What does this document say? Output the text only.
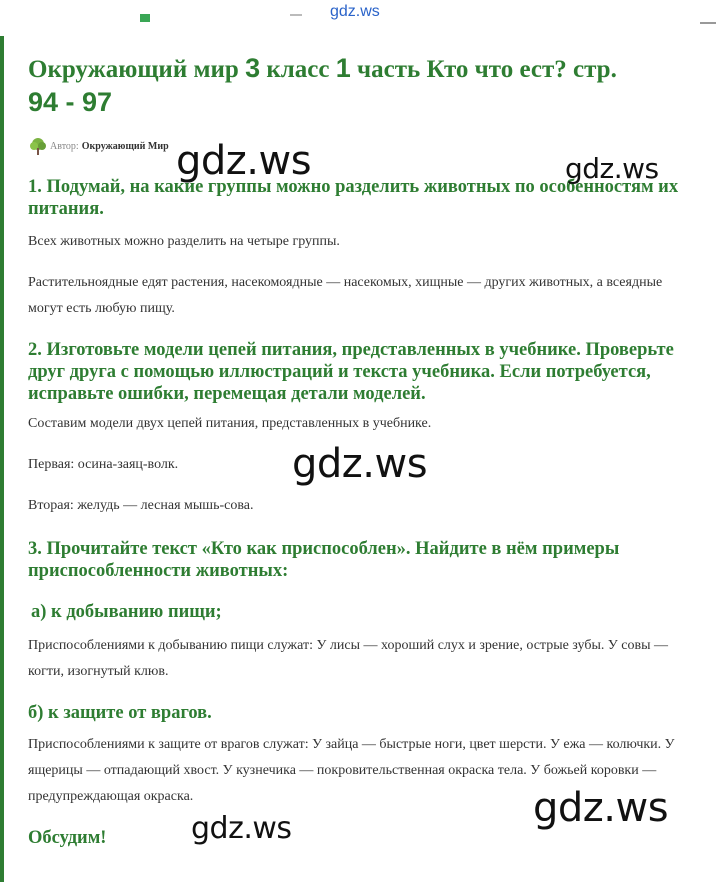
gdz.ws
Окружающий мир 3 класс 1 часть Кто что ест? стр.
94 - 97
Автор: Окружающий Мир
1. Подумай, на какие группы можно разделить животных по особенностям их питания.

Всех животных можно разделить на четыре группы.

Растительноядные едят растения, насекомоядные — насекомых, хищные — других животных, а всеядные могут есть любую пищу.

2. Изготовьте модели цепей питания, представленных в учебнике. Проверьте друг друга с помощью иллюстраций и текста учебника. Если потребуется, исправьте ошибки, перемещая детали моделей.

Составим модели двух цепей питания, представленных в учебнике.

Первая: осина-заяц-волк.

Вторая: желудь — лесная мышь-сова.

3. Прочитайте текст «Кто как приспособлен». Найдите в нём примеры приспособленности животных:
а) к добыванию пищи;

Приспособлениями к добыванию пищи служат: У лисы — хороший слух и зрение, острые зубы. У совы — когти, изогнутый клюв.

б) к защите от врагов.

Приспособлениями к защите от врагов служат: У зайца — быстрые ноги, цвет шерсти. У ежа — колючки. У ящерицы — отпадающий хвост. У кузнечика — покровительственная окраска тела. У божьей коровки — предупреждающая окраска.

Обсудим!
gdz.ws	gdz.ws
gdz.ws
gdz.ws
gdz.ws
